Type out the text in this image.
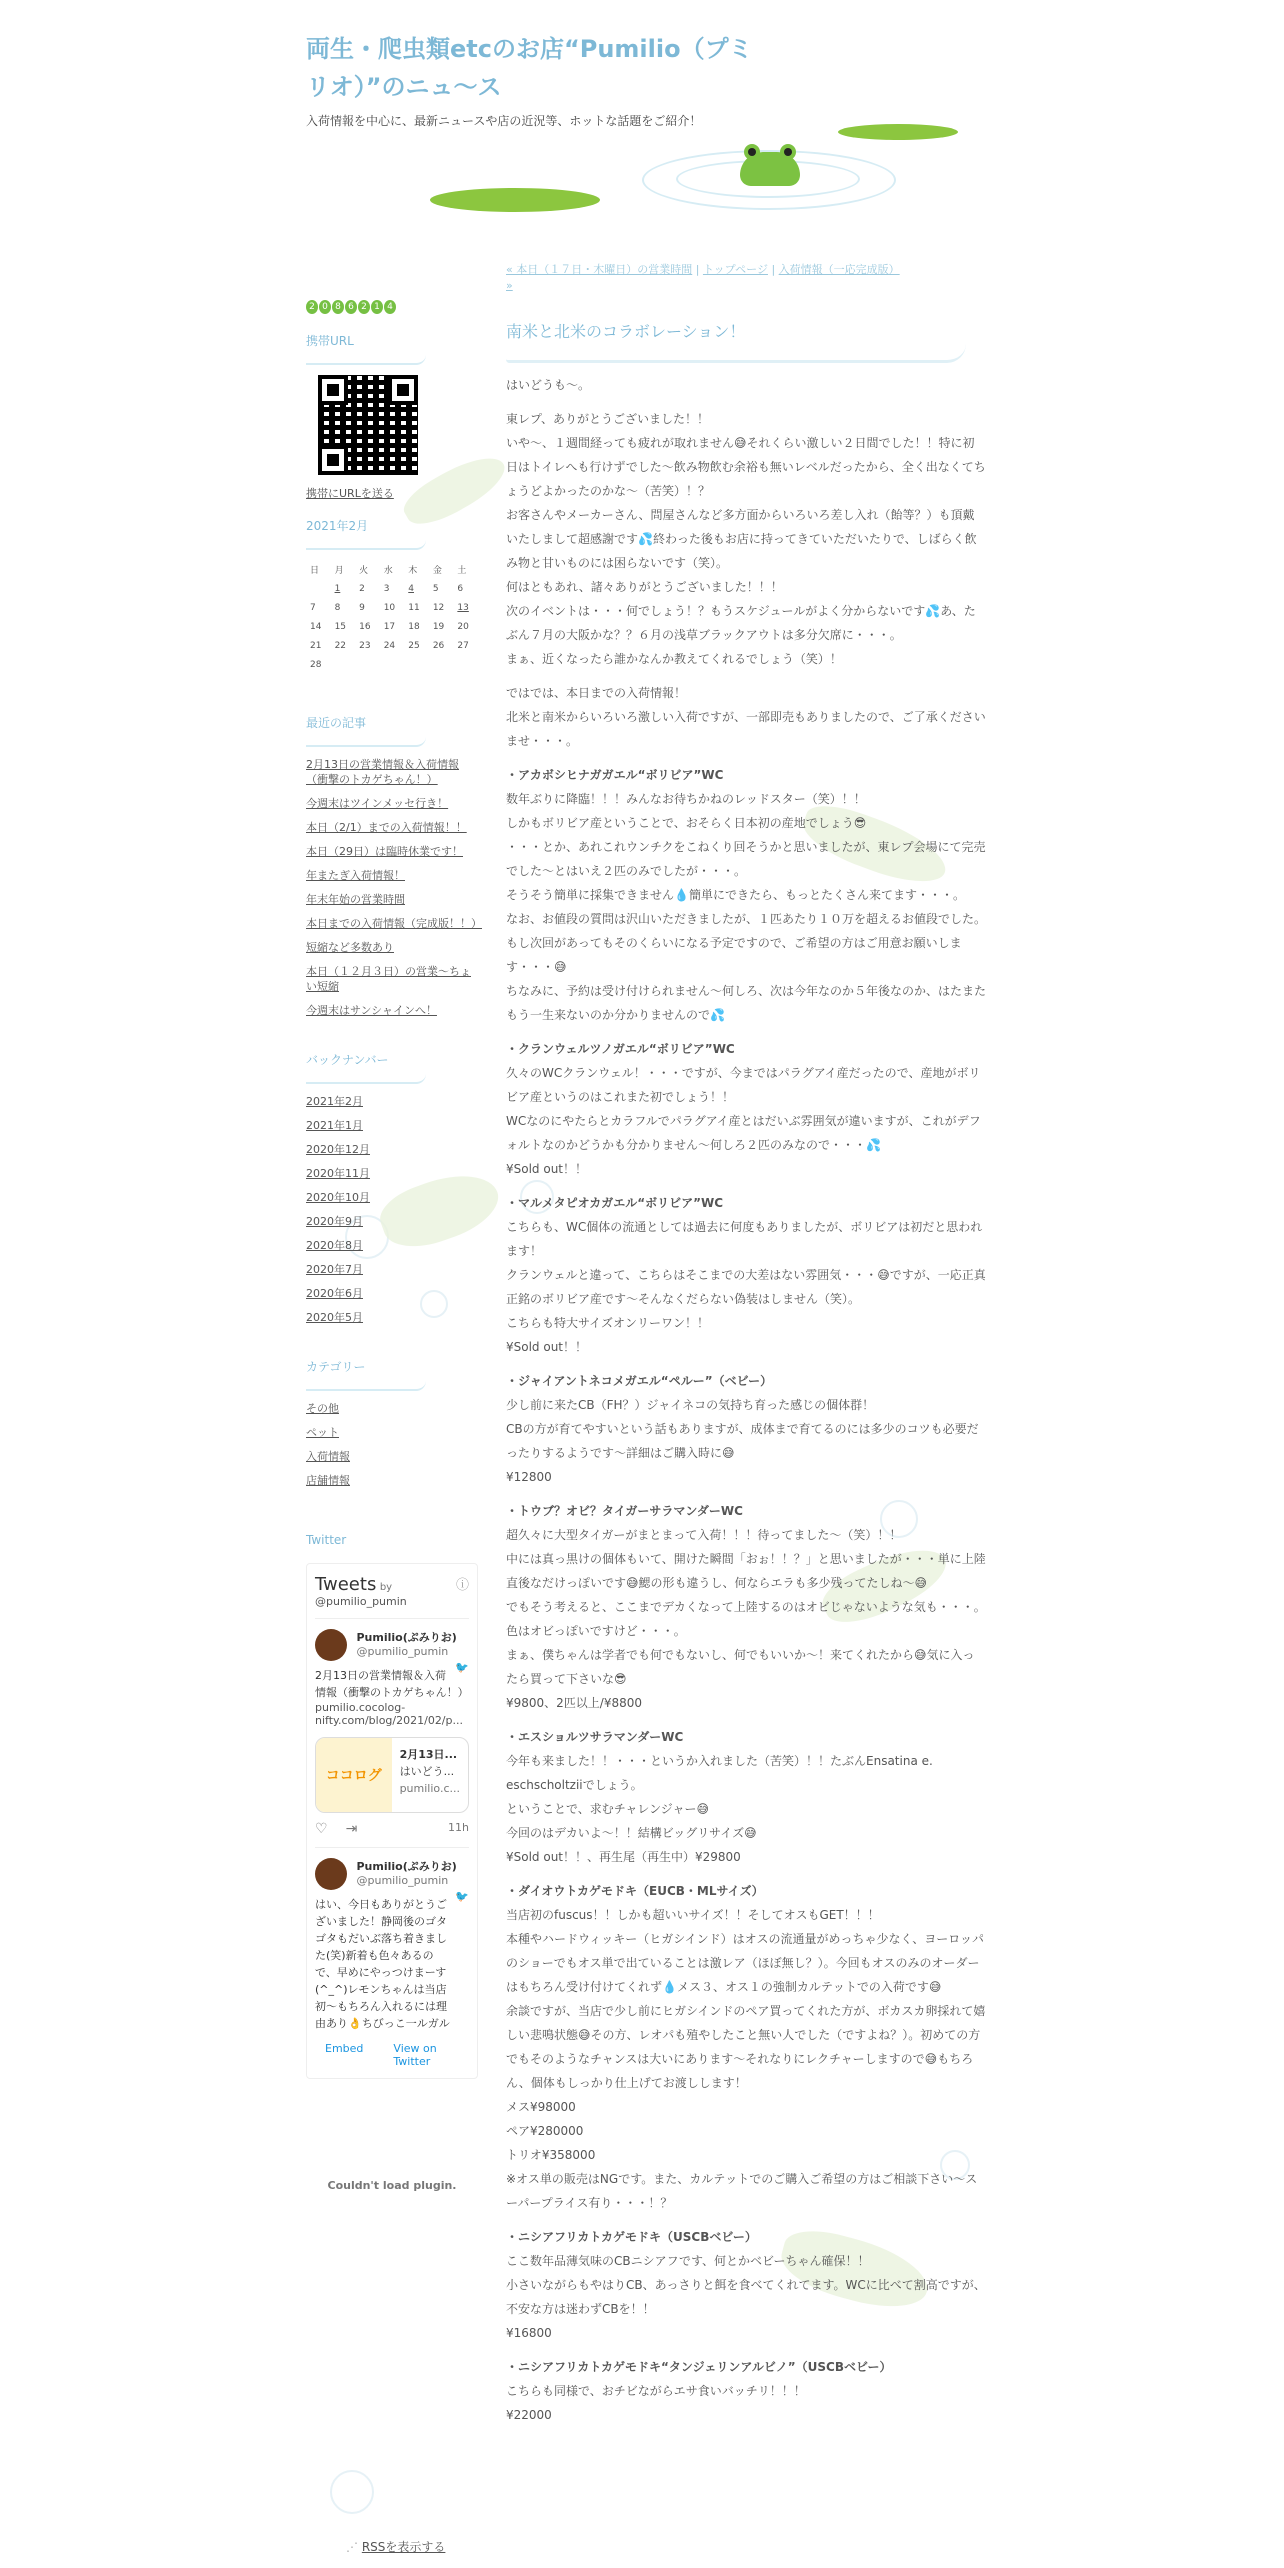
両生・爬虫類etcのお店“Pumilio（プミリオ）”のニュ〜ス
入荷情報を中心に、最新ニュースや店の近況等、ホットな話題をご紹介！
2 0 8 6 2 1 4
携帯URL
携帯にURLを送る
2021年2月
日	月	火	水	木	金	土

	1	2	3	4	5	6
7	8	9	10	11	12	13

14	15	16	17	18	19	20
21	22	23	24	25	26	27
28						
最近の記事
2月13日の営業情報＆入荷情報（衝撃のトカゲちゃん！）
今週末はツインメッセ行き！
本日（2/1）までの入荷情報！！
本日（29日）は臨時休業です！
年またぎ入荷情報！
年末年始の営業時間
本日までの入荷情報（完成版！！）
短縮など多数あり
本日（１２月３日）の営業〜ちょい短縮
今週末はサンシャインへ！
バックナンバー
2021年2月
2021年1月
2020年12月
2020年11月
2020年10月
2020年9月
2020年8月
2020年7月
2020年6月
2020年5月
カテゴリー
その他
ペット
入荷情報
店舗情報
Twitter
Tweets by	ⓘ
@pumilio_pumin
Pumilio(ぷみりお)
@pumilio_pumin
🐦
2月13日の営業情報＆入荷情報（衝撃のトカゲちゃん！）
pumilio.cocolog-nifty.com/blog/2021/02/p...
ココログ
2月13日...
はいどう...
pumilio.c...
♡ ⇥	11h
Pumilio(ぷみりお)
@pumilio_pumin
🐦
はい、今日もありがとうございました！静岡後のゴタゴタもだいぶ落ち着きました(笑)新着も色々あるので、早めにやっつけまーす(^_^)レモンちゃんは当店初～もちろん入れるには理由あり👌ちびっこ一ルガル
Embed	View on Twitter
Couldn't load plugin.
⋰ RSSを表示する
« 本日（１７日・木曜日）の営業時間 | トップページ | 入荷情報（一応完成版）
»
南米と北米のコラボレーション！

はいどうも〜。

東レプ、ありがとうございました！！

いや〜、１週間経っても疲れが取れません😅それくらい激しい２日間でした！！特に初日はトイレへも行けずでした〜飲み物飲む余裕も無いレベルだったから、全く出なくてちょうどよかったのかな〜（苦笑）！？

お客さんやメーカーさん、問屋さんなど多方面からいろいろ差し入れ（飴等？）も頂戴いたしまして超感謝です💦終わった後もお店に持ってきていただいたりで、しばらく飲み物と甘いものには困らないです（笑）。

何はともあれ、諸々ありがとうございました！！！

次のイベントは・・・何でしょう！？もうスケジュールがよく分からないです💦あ、たぶん７月の大阪かな？？６月の浅草ブラックアウトは多分欠席に・・・。

まぁ、近くなったら誰かなんか教えてくれるでしょう（笑）！

ではでは、本日までの入荷情報！

北米と南米からいろいろ激しい入荷ですが、一部即売もありましたので、ご了承くださいませ・・・。

・アカボシヒナガガエル“ボリビア”WC

数年ぶりに降臨！！！みんなお待ちかねのレッドスター（笑）！！

しかもボリビア産ということで、おそらく日本初の産地でしょう😎

・・・とか、あれこれウンチクをこねくり回そうかと思いましたが、東レプ会場にて完売でした〜とはいえ２匹のみでしたが・・・。

そうそう簡単に採集できません💧簡単にできたら、もっとたくさん来てます・・・。

なお、お値段の質問は沢山いただきましたが、１匹あたり１０万を超えるお値段でした。もし次回があってもそのくらいになる予定ですので、ご希望の方はご用意お願いします・・・😅

ちなみに、予約は受け付けられません〜何しろ、次は今年なのか５年後なのか、はたまたもう一生来ないのか分かりませんので💦

・クランウェルツノガエル“ボリビア”WC

久々のWCクランウェル！・・・ですが、今まではパラグアイ産だったので、産地がボリビア産というのはこれまた初でしょう！！

WCなのにやたらとカラフルでパラグアイ産とはだいぶ雰囲気が違いますが、これがデフォルトなのかどうかも分かりません〜何しろ２匹のみなので・・・💦

¥Sold out！！

・マルメタピオカガエル“ボリビア”WC

こちらも、WC個体の流通としては過去に何度もありましたが、ボリビアは初だと思われます！

クランウェルと違って、こちらはそこまでの大差はない雰囲気・・・😅ですが、一応正真正銘のボリビア産です〜そんなくだらない偽装はしません（笑）。

こちらも特大サイズオンリーワン！！

¥Sold out！！

・ジャイアントネコメガエル“ペルー”（ベビー）

少し前に来たCB（FH？）ジャイネコの気持ち育った感じの個体群！

CBの方が育てやすいという話もありますが、成体まで育てるのには多少のコツも必要だったりするようです〜詳細はご購入時に😅

¥12800

・トウブ？オビ？タイガーサラマンダーWC

超久々に大型タイガーがまとまって入荷！！！待ってました〜（笑）！！

中には真っ黒けの個体もいて、開けた瞬間「おぉ！！？」と思いましたが・・・単に上陸直後なだけっぽいです😅鰓の形も違うし、何ならエラも多少残ってたしね〜😅

でもそう考えると、ここまでデカくなって上陸するのはオビじゃないような気も・・・。色はオビっぽいですけど・・・。

まぁ、僕ちゃんは学者でも何でもないし、何でもいいか〜！来てくれたから😅気に入ったら買って下さいな😎

¥9800、2匹以上/¥8800

・エスショルツサラマンダーWC

今年も来ました！！・・・というか入れました（苦笑）！！たぶんEnsatina e. eschscholtziiでしょう。

ということで、求むチャレンジャー😅

今回のはデカいよ〜！！結構ビッグリサイズ😅

¥Sold out！！、再生尾（再生中）¥29800

・ダイオウトカゲモドキ（EUCB・MLサイズ）

当店初のfuscus！！しかも超いいサイズ！！そしてオスもGET！！！

本種やハードウィッキー（ヒガシインド）はオスの流通量がめっちゃ少なく、ヨーロッパのショーでもオス単で出ていることは激レア（ほぼ無し？）。今回もオスのみのオーダーはもちろん受け付けてくれず💧メス３、オス１の強制カルテットでの入荷です😅

余談ですが、当店で少し前にヒガシインドのペア買ってくれた方が、ボカスカ卵採れて嬉しい悲鳴状態😅その方、レオパも殖やしたこと無い人でした（ですよね？）。初めての方でもそのようなチャンスは大いにあります〜それなりにレクチャーしますので😅もちろん、個体もしっかり仕上げてお渡しします！

メス¥98000

ペア¥280000

トリオ¥358000

※オス単の販売はNGです。また、カルテットでのご購入ご希望の方はご相談下さい〜スーパープライス有り・・・！？

・ニシアフリカトカゲモドキ（USCBベビー）

ここ数年品薄気味のCBニシアフです、何とかベビーちゃん確保！！

小さいながらもやはりCB、あっさりと餌を食べてくれてます。WCに比べて割高ですが、不安な方は迷わずCBを！！

¥16800

・ニシアフリカトカゲモドキ“タンジェリンアルビノ”（USCBベビー）

こちらも同様で、おチビながらエサ食いバッチリ！！！

¥22000
